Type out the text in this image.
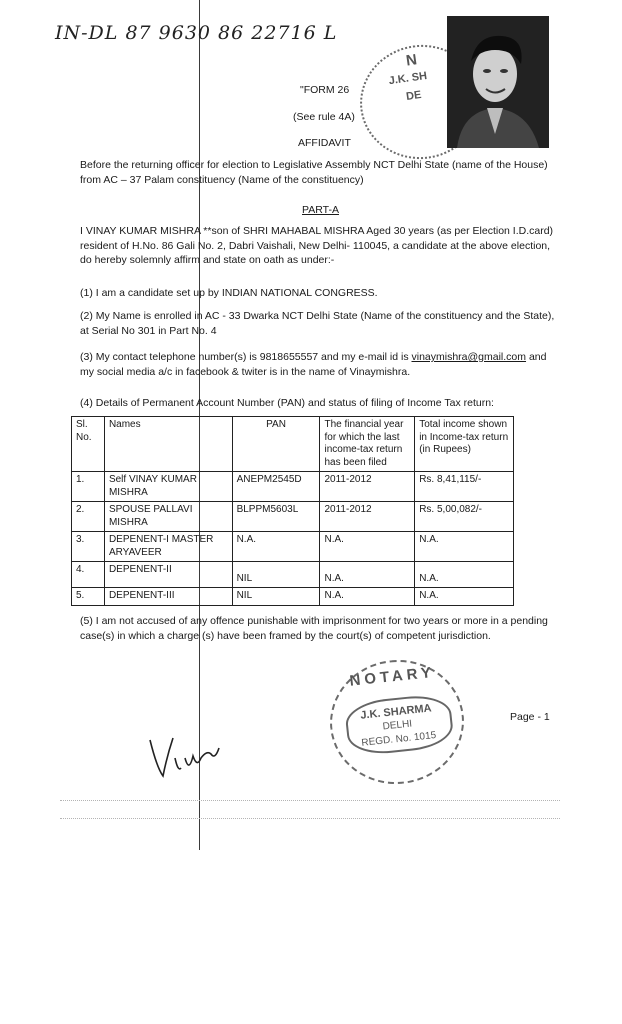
IN-DL 87 9630 86 22716 L
N
J.K. SH
DE
"FORM 26
(See rule 4A)
AFFIDAVIT
Before the returning officer for election to Legislative Assembly NCT Delhi State (name of the House) from AC – 37 Palam constituency (Name of the constituency)
PART-A
I VINAY KUMAR MISHRA **son of SHRI MAHABAL MISHRA Aged 30 years (as per Election I.D.card) resident of H.No. 86 Gali No. 2, Dabri Vaishali, New Delhi- 110045, a candidate at the above election, do hereby solemnly affirm and state on oath as under:-
(1) I am a candidate set up by INDIAN NATIONAL CONGRESS.
(2) My Name is enrolled in AC - 33 Dwarka NCT Delhi State (Name of the constituency and the State), at Serial No 301 in Part No. 4
(3) My contact telephone number(s) is 9818655557 and my e-mail id is vinaymishra@gmail.com and my social media a/c in facebook & twiter is in the name of Vinaymishra.
(4) Details of Permanent Account Number (PAN) and status of filing of Income Tax return:
Sl. No.	Names	PAN	The financial year for which the last income-tax return has been filed	Total income shown in Income-tax return (in Rupees)
1.	Self VINAY KUMAR MISHRA	ANEPM2545D	2011-2012	Rs. 8,41,115/-
2.	SPOUSE PALLAVI MISHRA	BLPPM5603L	2011-2012	Rs. 5,00,082/-
3.	DEPENENT-I MASTER ARYAVEER	N.A.	N.A.	N.A.
4.	DEPENENT-II	NIL	N.A.	N.A.
5.	DEPENENT-III	NIL	N.A.	N.A.
(5) I am not accused of any offence punishable with imprisonment for two years or more in a pending case(s) in which a charge (s) have been framed by the court(s) of competent jurisdiction.
NOTARY
J.K. SHARMA
DELHI
REGD. No. 1015
Page - 1
